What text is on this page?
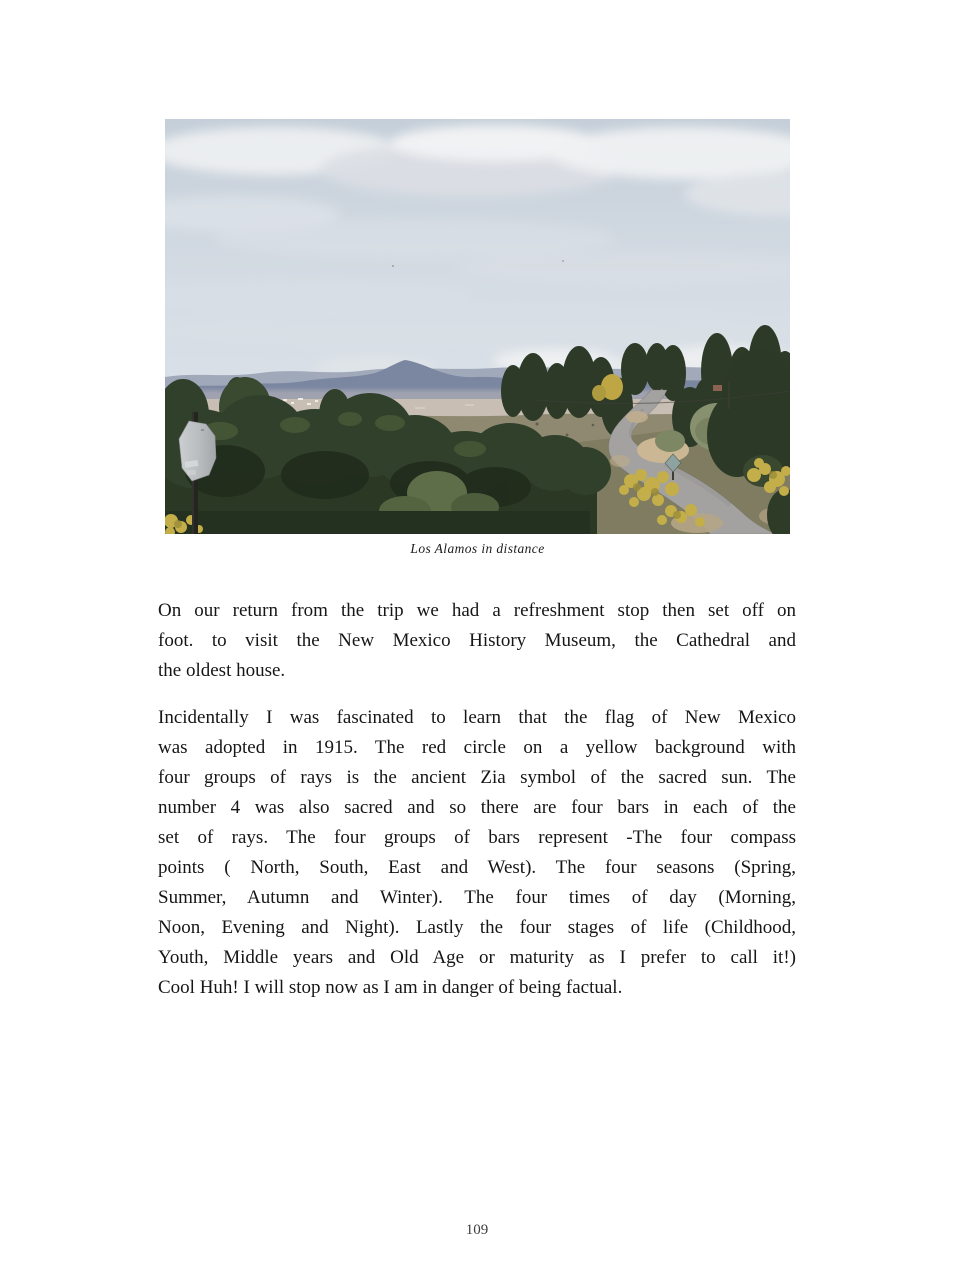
Los Alamos in distance
On our return from the trip we had a refreshment stop then set off on
foot. to visit the New Mexico History Museum, the Cathedral and
the oldest house.
Incidentally I was fascinated to learn that the flag of New Mexico
was adopted in 1915. The red circle on a yellow background with
four groups of rays is the ancient Zia symbol of the sacred sun. The
number 4 was also sacred and so there are four bars in each of the
set of rays. The four groups of bars represent -The four compass
points ( North, South, East and West). The four seasons (Spring,
Summer, Autumn and Winter). The four times of day (Morning,
Noon, Evening and Night). Lastly the four stages of life (Childhood,
Youth, Middle years and Old Age or maturity as I prefer to call it!)
Cool Huh! I will stop now as I am in danger of being factual.
109
